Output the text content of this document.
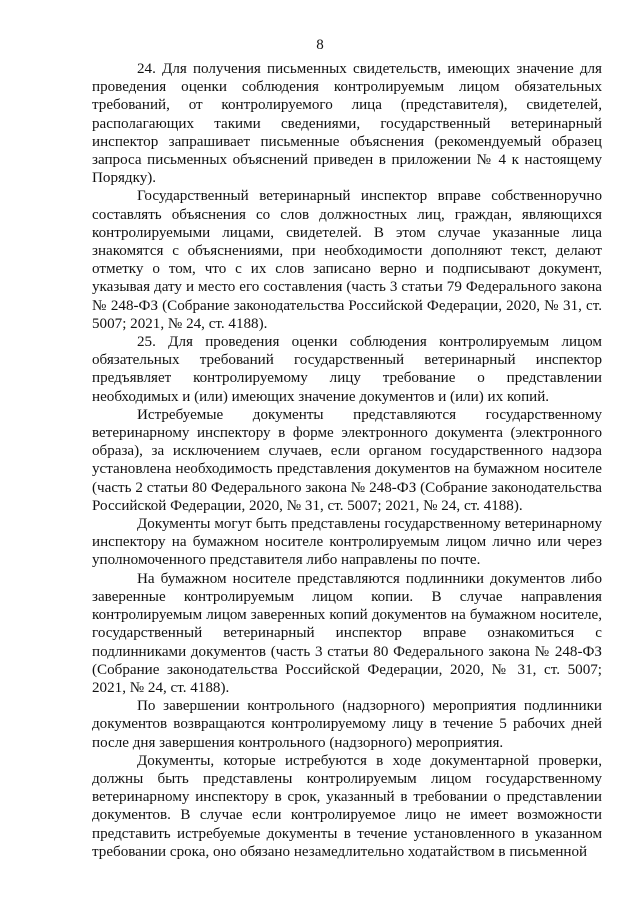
8

24. Для получения письменных свидетельств, имеющих значение для проведения оценки соблюдения контролируемым лицом обязательных требований, от контролируемого лица (представителя), свидетелей, располагающих такими сведениями, государственный ветеринарный инспектор запрашивает письменные объяснения (рекомендуемый образец запроса письменных объяснений приведен в приложении № 4 к настоящему Порядку).

Государственный ветеринарный инспектор вправе собственноручно составлять объяснения со слов должностных лиц, граждан, являющихся контролируемыми лицами, свидетелей. В этом случае указанные лица знакомятся с объяснениями, при необходимости дополняют текст, делают отметку о том, что с их слов записано верно и подписывают документ, указывая дату и место его составления (часть 3 статьи 79 Федерального закона № 248-ФЗ (Собрание законодательства Российской Федерации, 2020, № 31, ст. 5007; 2021, № 24, ст. 4188).

25. Для проведения оценки соблюдения контролируемым лицом обязательных требований государственный ветеринарный инспектор предъявляет контролируемому лицу требование о представлении необходимых и (или) имеющих значение документов и (или) их копий.

Истребуемые документы представляются государственному ветеринарному инспектору в форме электронного документа (электронного образа), за исключением случаев, если органом государственного надзора установлена необходимость представления документов на бумажном носителе (часть 2 статьи 80 Федерального закона № 248-ФЗ (Собрание законодательства Российской Федерации, 2020, № 31, ст. 5007; 2021, № 24, ст. 4188).

Документы могут быть представлены государственному ветеринарному инспектору на бумажном носителе контролируемым лицом лично или через уполномоченного представителя либо направлены по почте.

На бумажном носителе представляются подлинники документов либо заверенные контролируемым лицом копии. В случае направления контролируемым лицом заверенных копий документов на бумажном носителе, государственный ветеринарный инспектор вправе ознакомиться с подлинниками документов (часть 3 статьи 80 Федерального закона № 248-ФЗ (Собрание законодательства Российской Федерации, 2020, № 31, ст. 5007; 2021, № 24, ст. 4188).

По завершении контрольного (надзорного) мероприятия подлинники документов возвращаются контролируемому лицу в течение 5 рабочих дней после дня завершения контрольного (надзорного) мероприятия.

Документы, которые истребуются в ходе документарной проверки, должны быть представлены контролируемым лицом государственному ветеринарному инспектору в срок, указанный в требовании о представлении документов. В случае если контролируемое лицо не имеет возможности представить истребуемые документы в течение установленного в указанном требовании срока, оно обязано незамедлительно ходатайством в письменной
